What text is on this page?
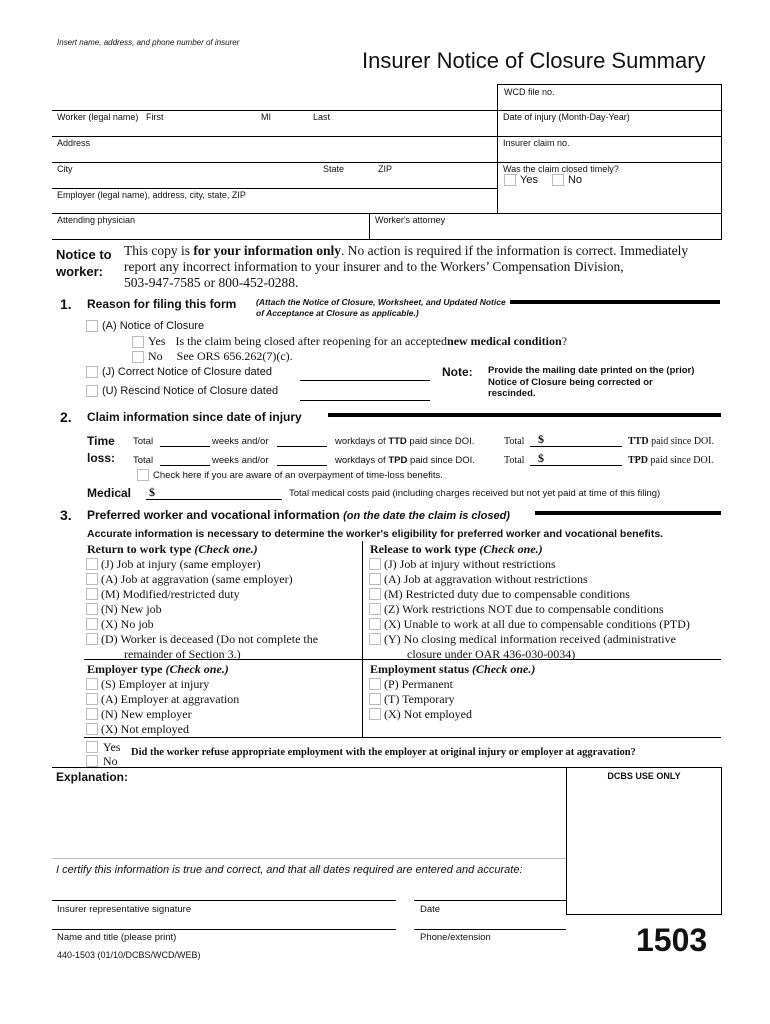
Insert name, address, and phone number of insurer
Insurer Notice of Closure Summary
WCD file no.
Worker (legal name) First	MI	Last	Date of injury (Month-Day-Year)
Address	Insurer claim no.
City	State	ZIP	Was the claim closed timely?
Yes	No
Employer (legal name), address, city, state, ZIP
Attending physician	Worker's attorney
Notice to
worker:
This copy is for your information only. No action is required if the information is correct. Immediately
report any incorrect information to your insurer and to the Workers’ Compensation Division,
503-947-7585 or 800-452-0288.
1. Reason for filing this form (Attach the Notice of Closure, Worksheet, and Updated Notice
of Acceptance at Closure as applicable.)
(A) Notice of Closure
Yes Is the claim being closed after reopening for an accepted new medical condition ?
No See ORS 656.262(7)(c).
(J) Correct Notice of Closure dated
(U) Rescind Notice of Closure dated
Note: Provide the mailing date printed on the (prior)
Notice of Closure being corrected or
rescinded.
2. Claim information since date of injury
Time
loss:
Total	weeks and/or	workdays of TTD paid since DOI.	Total $	TTD paid since DOI.
Total	weeks and/or	workdays of TPD paid since DOI.	Total $	TPD paid since DOI.
Check here if you are aware of an overpayment of time-loss benefits.
Medical $	Total medical costs paid (including charges received but not yet paid at time of this filing)
3. Preferred worker and vocational information (on the date the claim is closed)
Accurate information is necessary to determine the worker's eligibility for preferred worker and vocational benefits.
Return to work type (Check one.)	Release to work type (Check one.)
(J) Job at injury (same employer)
(A) Job at aggravation (same employer)
(M) Modified/restricted duty
(N) New job
(X) No job
(D) Worker is deceased (Do not complete the
remainder of Section 3.)
(J) Job at injury without restrictions
(A) Job at aggravation without restrictions
(M) Restricted duty due to compensable conditions
(Z) Work restrictions NOT due to compensable conditions
(X) Unable to work at all due to compensable conditions (PTD)
(Y) No closing medical information received (administrative
closure under OAR 436-030-0034)
Employer type (Check one.)	Employment status (Check one.)
(S) Employer at injury
(A) Employer at aggravation
(N) New employer
(X) Not employed
(P) Permanent
(T) Temporary
(X) Not employed
Yes
No
Did the worker refuse appropriate employment with the employer at original injury or employer at aggravation?
Explanation:	DCBS USE ONLY
I certify this information is true and correct, and that all dates required are entered and accurate:
Insurer representative signature	Date
Name and title (please print)	Phone/extension
440-1503 (01/10/DCBS/WCD/WEB)	1503
